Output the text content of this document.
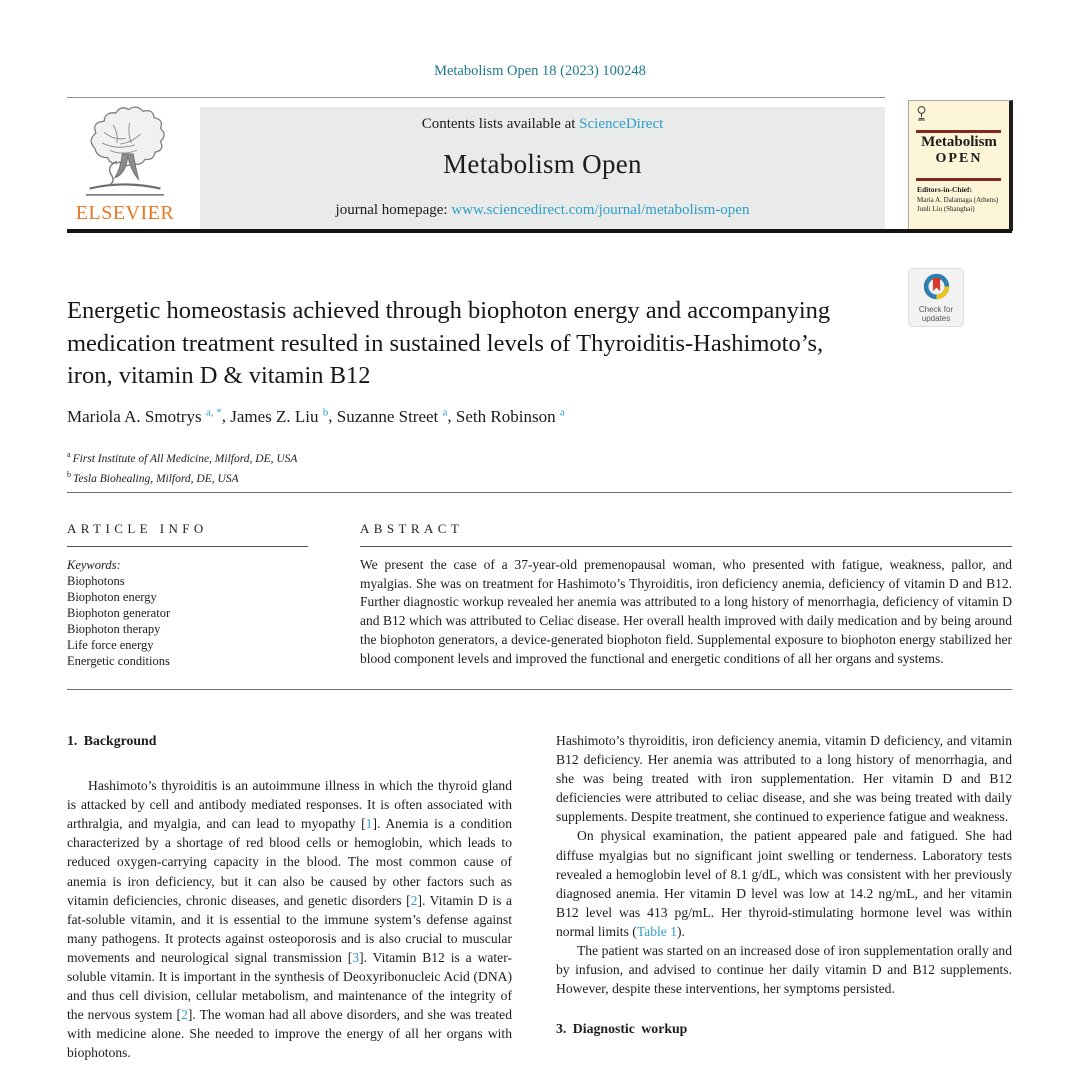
Metabolism Open 18 (2023) 100248
ELSEVIER
Contents lists available at ScienceDirect
Metabolism Open
journal homepage: www.sciencedirect.com/journal/metabolism-open
Metabolism
OPEN
Editors-in-Chief:
Maria A. Dalamaga (Athens)
Junli Liu (Shanghai)
Check for
updates
Energetic homeostasis achieved through biophoton energy and accompanying medication treatment resulted in sustained levels of Thyroiditis-Hashimoto’s, iron, vitamin D & vitamin B12
Mariola A. Smotrys $^{a, *}$, James Z. Liu $^b$, Suzanne Street $^a$, Seth Robinson $^a$
$^a$ First Institute of All Medicine, Milford, DE, USA
$^b$ Tesla Biohealing, Milford, DE, USA
ARTICLE INFO	ABSTRACT
Keywords:
Biophotons
Biophoton energy
Biophoton generator
Biophoton therapy
Life force energy
Energetic conditions
We present the case of a 37-year-old premenopausal woman, who presented with fatigue, weakness, pallor, and myalgias. She was on treatment for Hashimoto’s Thyroiditis, iron deficiency anemia, deficiency of vitamin D and B12. Further diagnostic workup revealed her anemia was attributed to a long history of menorrhagia, deficiency of vitamin D and B12 which was attributed to Celiac disease. Her overall health improved with daily medication and by being around the biophoton generators, a device-generated biophoton field. Supplemental exposure to biophoton energy stabilized her blood component levels and improved the functional and energetic conditions of all her organs and systems.
1. Background

Hashimoto’s thyroiditis is an autoimmune illness in which the thyroid gland is attacked by cell and antibody mediated responses. It is often associated with arthralgia, and myalgia, and can lead to myopathy [1]. Anemia is a condition characterized by a shortage of red blood cells or hemoglobin, which leads to reduced oxygen-carrying capacity in the blood. The most common cause of anemia is iron deficiency, but it can also be caused by other factors such as vitamin deficiencies, chronic diseases, and genetic disorders [2]. Vitamin D is a fat-soluble vitamin, and it is essential to the immune system’s defense against many pathogens. It protects against osteoporosis and is also crucial to muscular movements and neurological signal transmission [3]. Vitamin B12 is a water-soluble vitamin. It is important in the synthesis of Deoxyribonucleic Acid (DNA) and thus cell division, cellular metabolism, and maintenance of the integrity of the nervous system [2]. The woman had all above disorders, and she was treated with medicine alone. She needed to improve the energy of all her organs with biophotons.

Hashimoto’s thyroiditis, iron deficiency anemia, vitamin D deficiency, and vitamin B12 deficiency. Her anemia was attributed to a long history of menorrhagia, and she was being treated with iron supplementation. Her vitamin D and B12 deficiencies were attributed to celiac disease, and she was being treated with daily supplements. Despite treatment, she continued to experience fatigue and weakness.

On physical examination, the patient appeared pale and fatigued. She had diffuse myalgias but no significant joint swelling or tenderness. Laboratory tests revealed a hemoglobin level of 8.1 g/dL, which was consistent with her previously diagnosed anemia. Her vitamin D level was low at 14.2 ng/mL, and her vitamin B12 level was 413 pg/mL. Her thyroid-stimulating hormone level was within normal limits (Table 1).

The patient was started on an increased dose of iron supplementation orally and by infusion, and advised to continue her daily vitamin D and B12 supplements. However, despite these interventions, her symptoms persisted.

3. Diagnostic workup
